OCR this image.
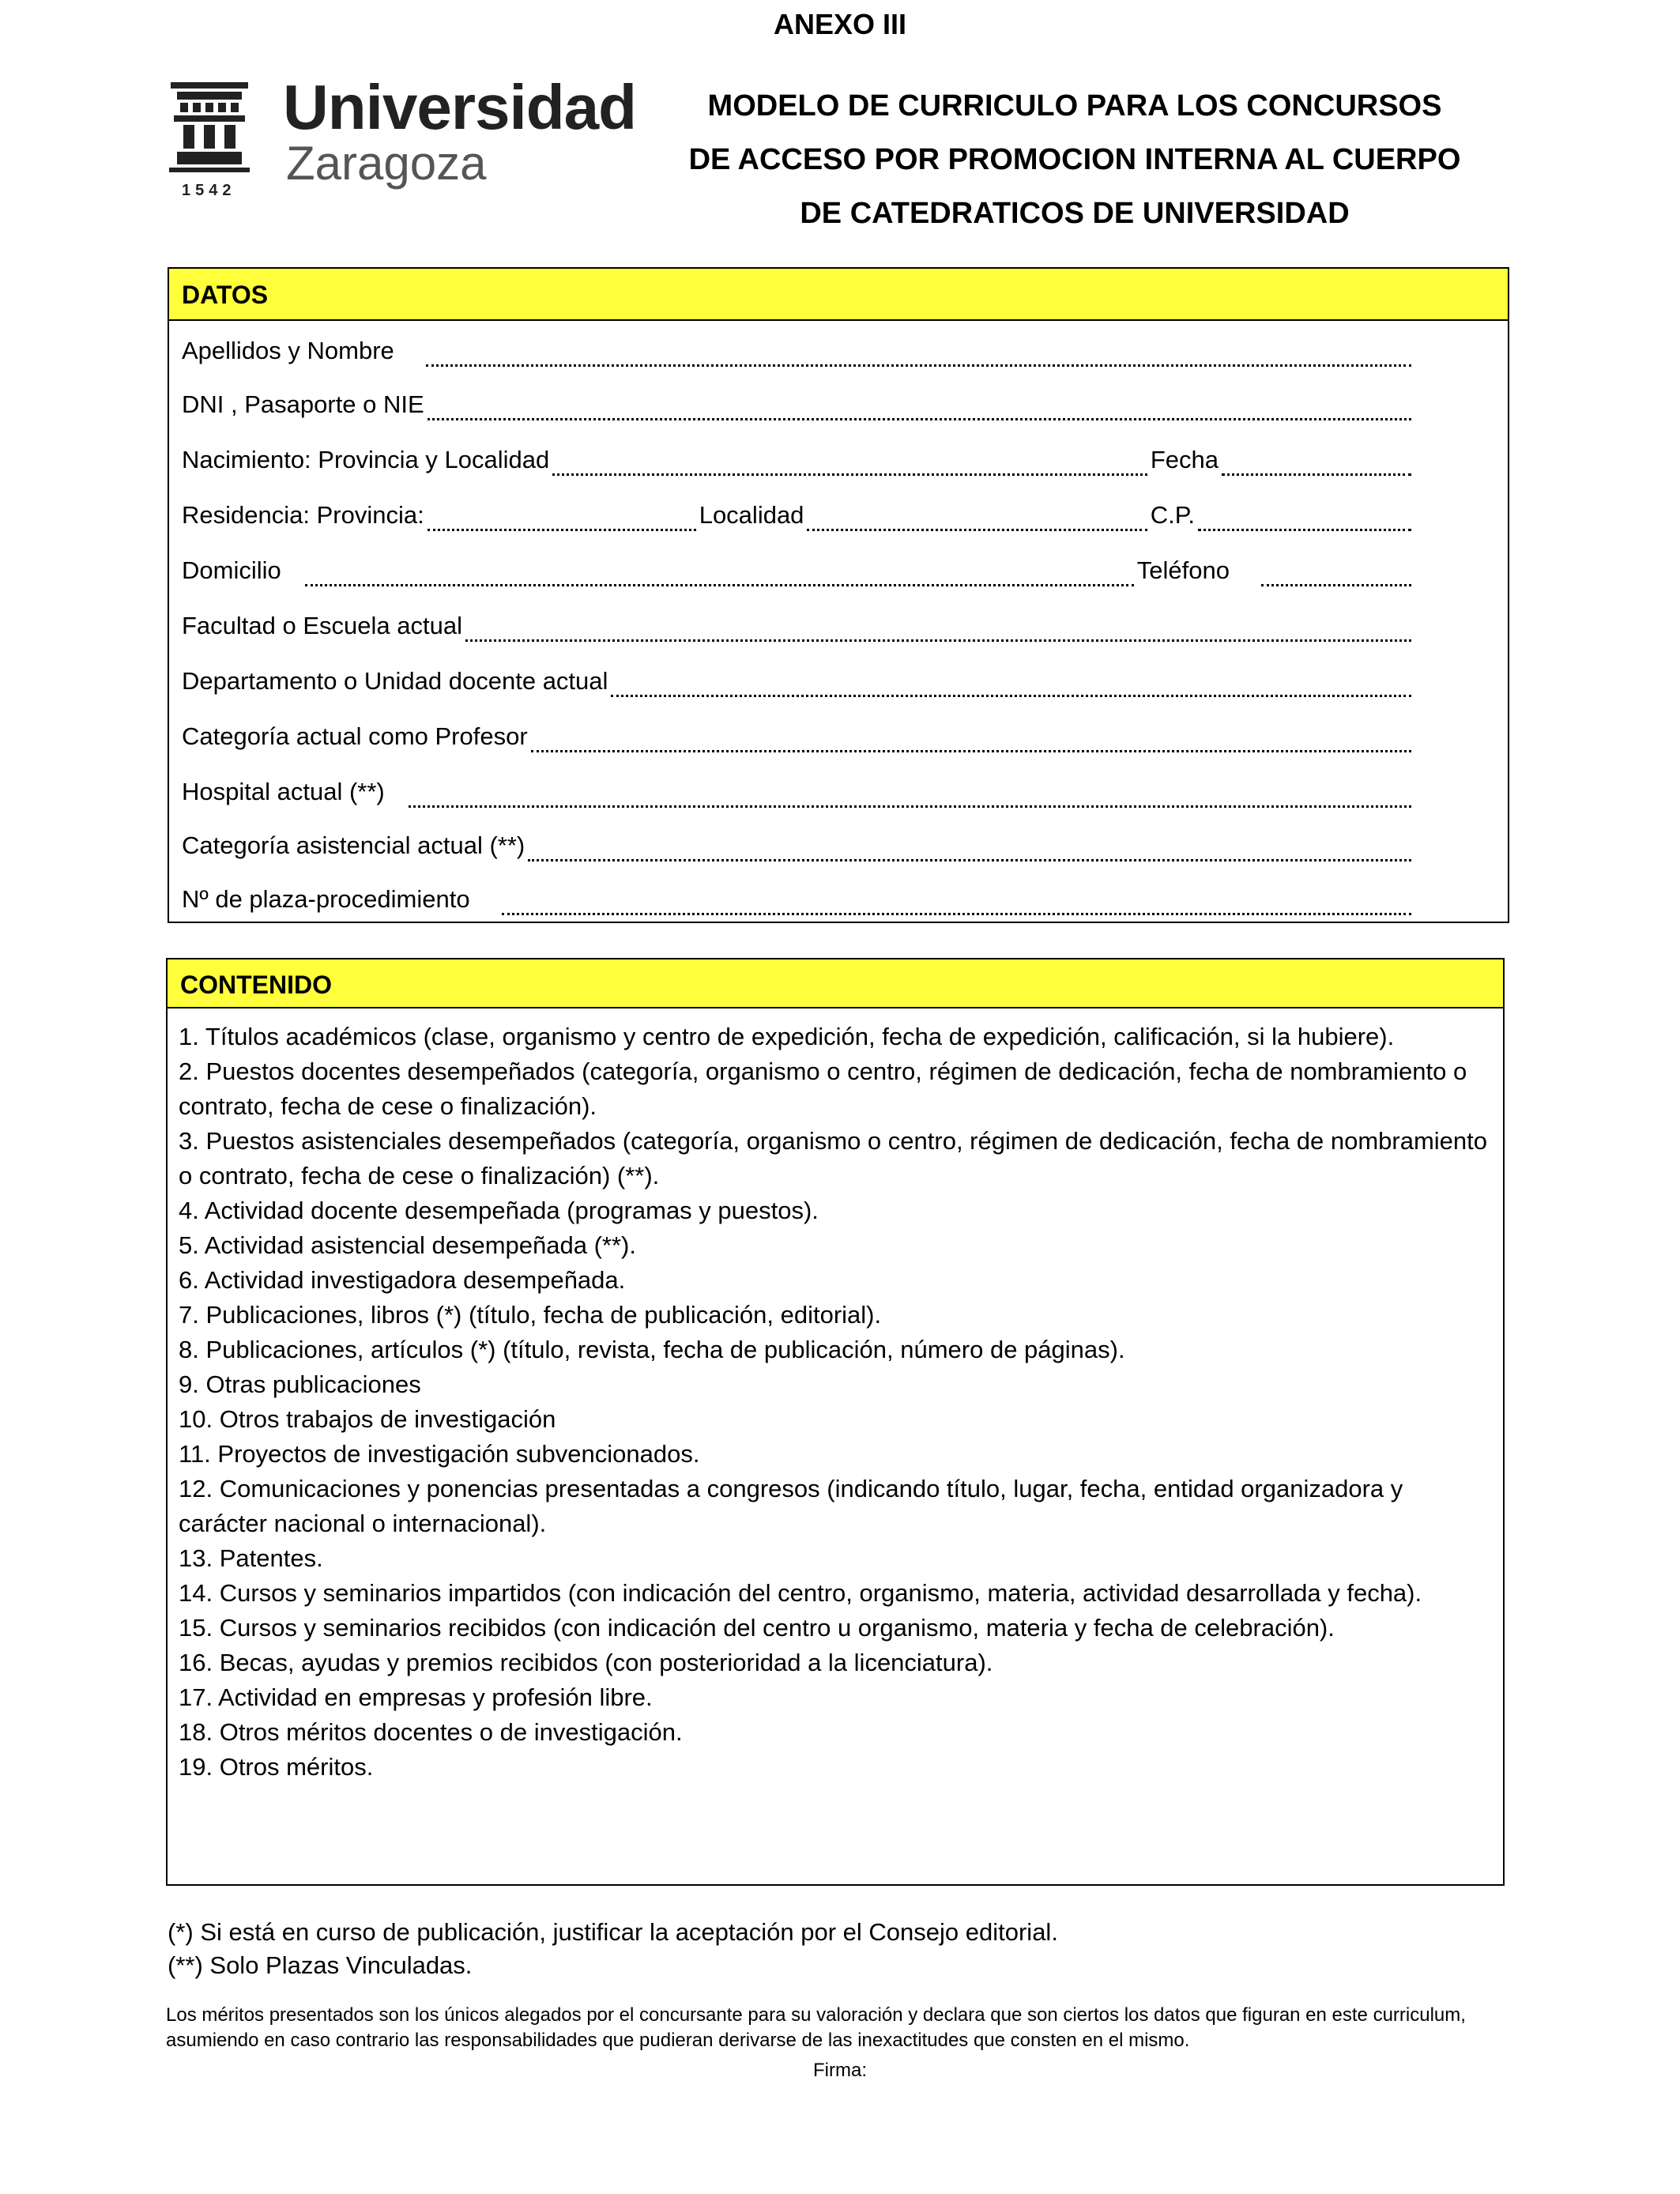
ANEXO III
Universidad
Zaragoza
1542
MODELO DE CURRICULO PARA LOS CONCURSOS
DE ACCESO POR PROMOCION INTERNA AL CUERPO
DE CATEDRATICOS DE UNIVERSIDAD
DATOS
Apellidos y Nombre
DNI , Pasaporte o NIE
Nacimiento: Provincia y Localidad	Fecha
Residencia: Provincia:	Localidad	C.P.
Domicilio	Teléfono
Facultad o Escuela actual
Departamento o Unidad docente actual
Categoría actual como Profesor
Hospital actual (**)
Categoría asistencial actual (**)
Nº de plaza-procedimiento
CONTENIDO

1. Títulos académicos (clase, organismo y centro de expedición, fecha de expedición, calificación, si la hubiere).

2. Puestos docentes desempeñados (categoría, organismo o centro, régimen de dedicación, fecha de nombramiento o contrato, fecha de cese o finalización).

3. Puestos asistenciales desempeñados (categoría, organismo o centro, régimen de dedicación, fecha de nombramiento o contrato, fecha de cese o finalización) (**).

4. Actividad docente desempeñada (programas y puestos).

5. Actividad asistencial desempeñada (**).

6. Actividad investigadora desempeñada.

7. Publicaciones, libros (*) (título, fecha de publicación, editorial).

8. Publicaciones, artículos (*) (título, revista, fecha de publicación, número de páginas).

9. Otras publicaciones

10. Otros trabajos de investigación

11. Proyectos de investigación subvencionados.

12. Comunicaciones y ponencias presentadas a congresos (indicando título, lugar, fecha, entidad organizadora y carácter nacional o internacional).

13. Patentes.

14. Cursos y seminarios impartidos (con indicación del centro, organismo, materia, actividad desarrollada y fecha).

15. Cursos y seminarios recibidos (con indicación del centro u organismo, materia y fecha de celebración).

16. Becas, ayudas y premios recibidos (con posterioridad a la licenciatura).

17. Actividad en empresas y profesión libre.

18. Otros méritos docentes o de investigación.

19. Otros méritos.

(*) Si está en curso de publicación, justificar la aceptación por el Consejo editorial.
(**) Solo Plazas Vinculadas.
Los méritos presentados son los únicos alegados por el concursante para su valoración y declara que son ciertos los datos que figuran en este curriculum, asumiendo en caso contrario las responsabilidades que pudieran derivarse de las inexactitudes que consten en el mismo.
Firma:
